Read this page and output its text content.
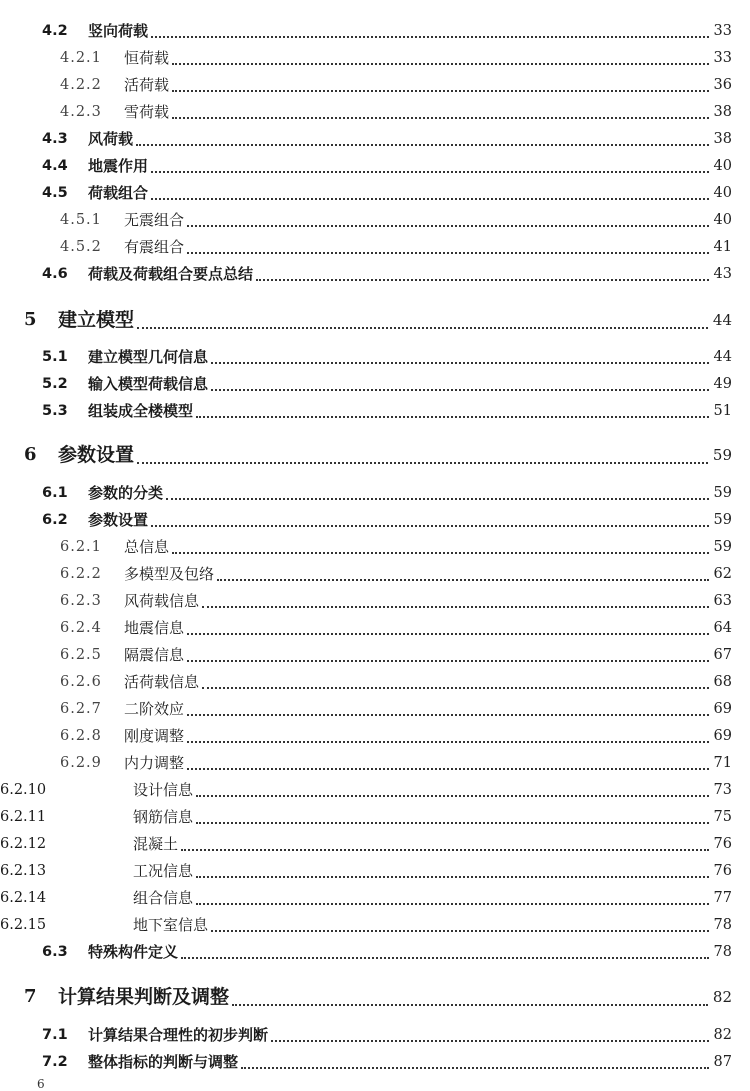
4.2 竖向荷载	33
4.2.1 恒荷载	33
4.2.2 活荷载	36
4.2.3 雪荷载	38
4.3 风荷载	38
4.4 地震作用	40
4.5 荷载组合	40
4.5.1 无震组合	40
4.5.2 有震组合	41
4.6 荷载及荷载组合要点总结	43
5 建立模型	44
5.1 建立模型几何信息	44
5.2 输入模型荷载信息	49
5.3 组装成全楼模型	51
6 参数设置	59
6.1 参数的分类	59
6.2 参数设置	59
6.2.1 总信息	59
6.2.2 多模型及包络	62
6.2.3 风荷载信息	63
6.2.4 地震信息	64
6.2.5 隔震信息	67
6.2.6 活荷载信息	68
6.2.7 二阶效应	69
6.2.8 刚度调整	69
6.2.9 内力调整	71
6.2.10	设计信息	73
6.2.11	钢筋信息	75
6.2.12	混凝土	76
6.2.13	工况信息	76
6.2.14	组合信息	77
6.2.15	地下室信息	78
6.3 特殊构件定义	78
7 计算结果判断及调整	82
7.1 计算结果合理性的初步判断	82
7.2 整体指标的判断与调整	87
6
